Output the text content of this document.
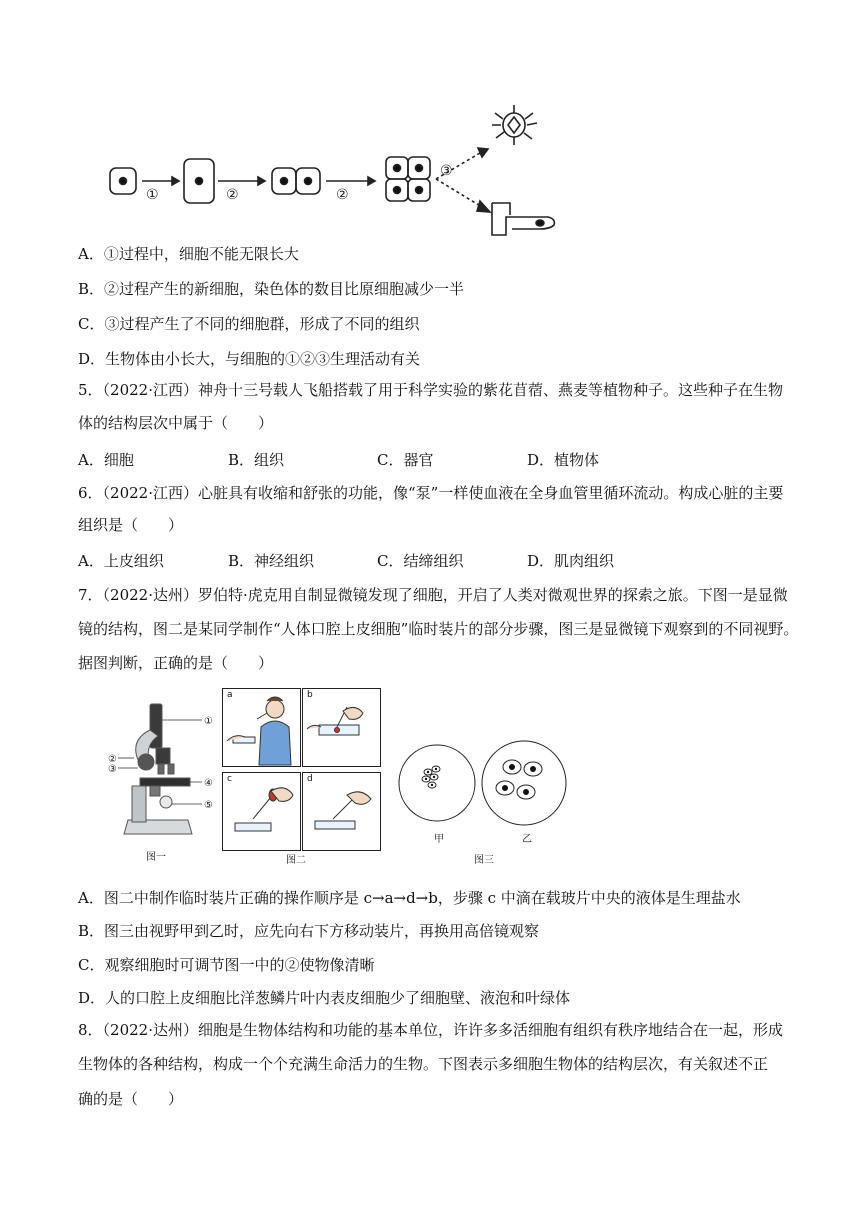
①	②	②
③
A．①过程中，细胞不能无限长大
B．②过程产生的新细胞，染色体的数目比原细胞减少一半
C．③过程产生了不同的细胞群，形成了不同的组织
D．生物体由小长大，与细胞的①②③生理活动有关
5．（2022·江西）神舟十三号载人飞船搭载了用于科学实验的紫花苜蓿、燕麦等植物种子。这些种子在生物
体的结构层次中属于（　　）
A．细胞	B．组织	C．器官	D．植物体
6．（2022·江西）心脏具有收缩和舒张的功能，像“泵”一样使血液在全身血管里循环流动。构成心脏的主要
组织是（　　）
A．上皮组织	B．神经组织	C．结缔组织	D．肌肉组织
7．（2022·达州）罗伯特·虎克用自制显微镜发现了细胞，开启了人类对微观世界的探索之旅。下图一是显微
镜的结构，图二是某同学制作“人体口腔上皮细胞”临时装片的部分步骤，图三是显微镜下观察到的不同视野。
据图判断，正确的是（　　）
①
②
③
④
⑤
图一
a	b
c	d
图二
甲	乙
图三
A．图二中制作临时装片正确的操作顺序是 c→a→d→b，步骤 c 中滴在载玻片中央的液体是生理盐水
B．图三由视野甲到乙时，应先向右下方移动装片，再换用高倍镜观察
C．观察细胞时可调节图一中的②使物像清晰
D．人的口腔上皮细胞比洋葱鳞片叶内表皮细胞少了细胞壁、液泡和叶绿体
8．（2022·达州）细胞是生物体结构和功能的基本单位，许许多多活细胞有组织有秩序地结合在一起，形成
生物体的各种结构，构成一个个充满生命活力的生物。下图表示多细胞生物体的结构层次，有关叙述不正
确的是（　　）
